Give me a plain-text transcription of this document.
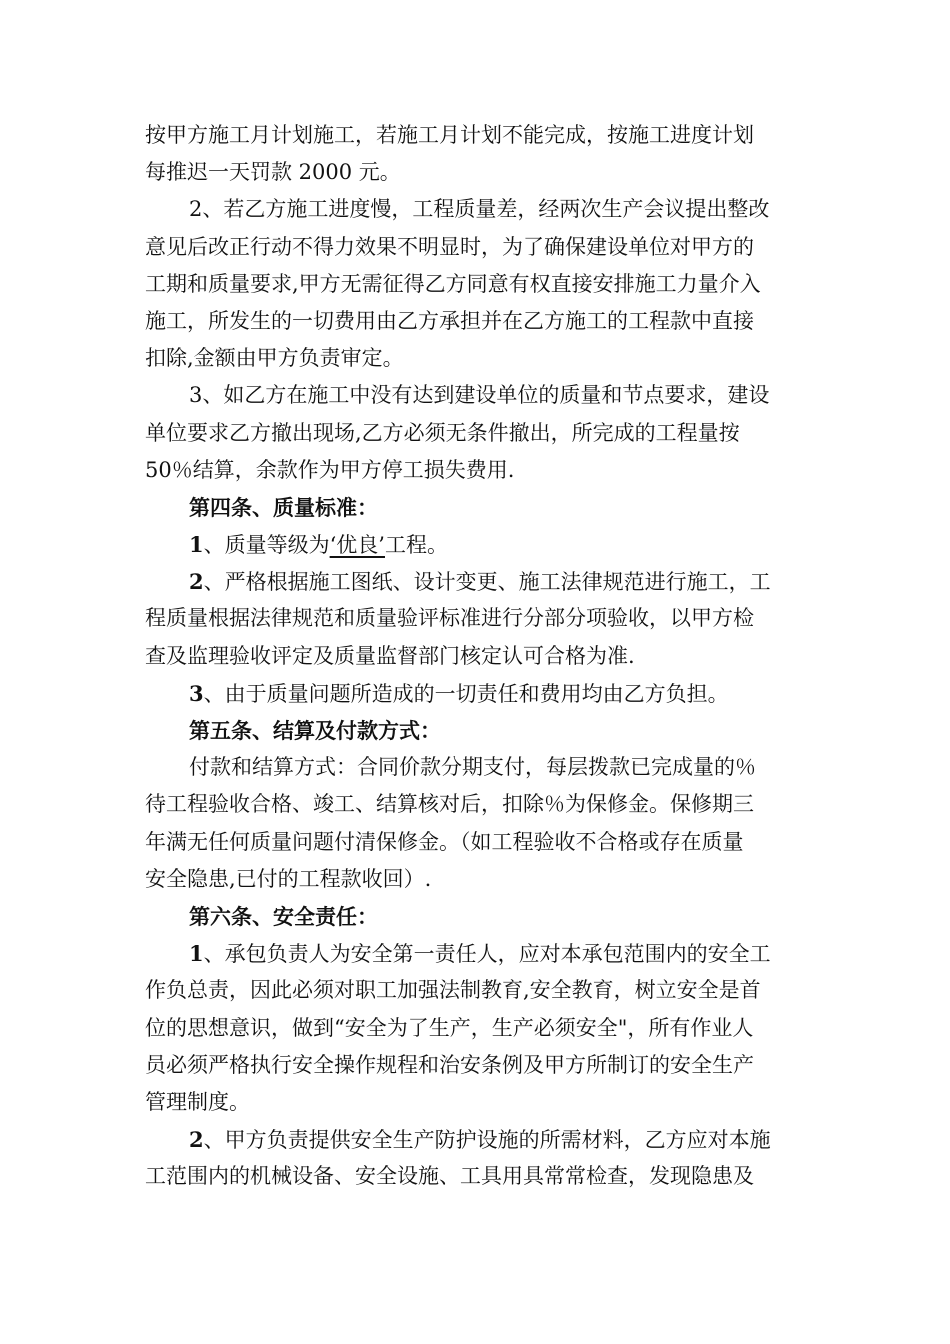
按甲方施工月计划施工，若施工月计划不能完成，按施工进度计划
每推迟一天罚款 2000 元。
2、若乙方施工进度慢，工程质量差，经两次生产会议提出整改
意见后改正行动不得力效果不明显时，为了确保建设单位对甲方的
工期和质量要求,甲方无需征得乙方同意有权直接安排施工力量介入
施工，所发生的一切费用由乙方承担并在乙方施工的工程款中直接
扣除,金额由甲方负责审定。
3、如乙方在施工中没有达到建设单位的质量和节点要求，建设
单位要求乙方撤出现场,乙方必须无条件撤出，所完成的工程量按
50％结算，余款作为甲方停工损失费用.
第四条、质量标准：
1、质量等级为‘优良’工程。
2、严格根据施工图纸、设计变更、施工法律规范进行施工，工
程质量根据法律规范和质量验评标准进行分部分项验收，以甲方检
查及监理验收评定及质量监督部门核定认可合格为准.
3、由于质量问题所造成的一切责任和费用均由乙方负担。
第五条、结算及付款方式：
付款和结算方式：合同价款分期支付，每层拨款已完成量的％
待工程验收合格、竣工、结算核对后，扣除％为保修金。保修期三
年满无任何质量问题付清保修金。（如工程验收不合格或存在质量
安全隐患,已付的工程款收回）.
第六条、安全责任：
1、承包负责人为安全第一责任人，应对本承包范围内的安全工
作负总责，因此必须对职工加强法制教育,安全教育，树立安全是首
位的思想意识，做到“安全为了生产，生产必须安全"，所有作业人
员必须严格执行安全操作规程和治安条例及甲方所制订的安全生产
管理制度。
2、甲方负责提供安全生产防护设施的所需材料，乙方应对本施
工范围内的机械设备、安全设施、工具用具常常检查，发现隐患及
